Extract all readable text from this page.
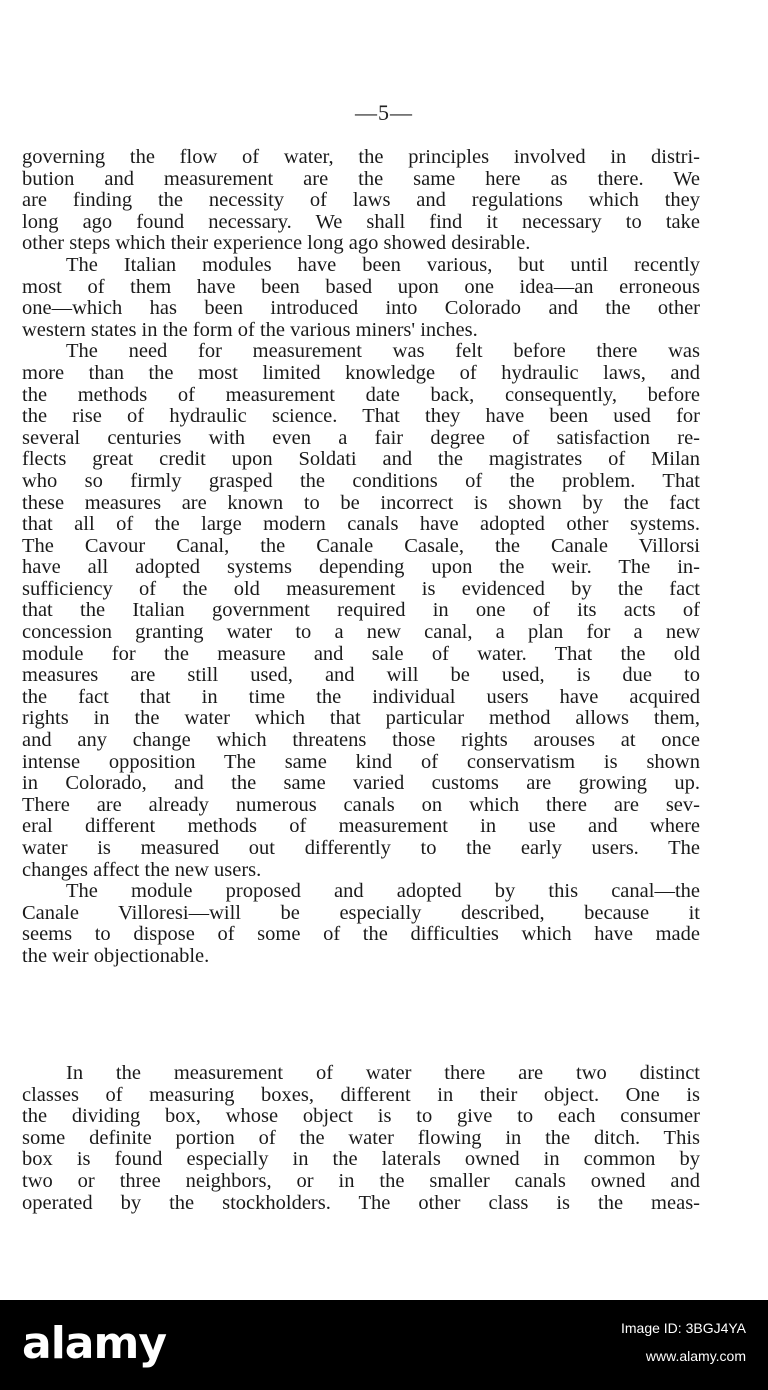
—5—
governing the flow of water, the principles involved in distri-
bution and measurement are the same here as there. We
are finding the necessity of laws and regulations which they
long ago found necessary. We shall find it necessary to take
other steps which their experience long ago showed desirable.
The Italian modules have been various, but until recently
most of them have been based upon one idea—an erroneous
one—which has been introduced into Colorado and the other
western states in the form of the various miners' inches.
The need for measurement was felt before there was
more than the most limited knowledge of hydraulic laws, and
the methods of measurement date back, consequently, before
the rise of hydraulic science. That they have been used for
several centuries with even a fair degree of satisfaction re-
flects great credit upon Soldati and the magistrates of Milan
who so firmly grasped the conditions of the problem. That
these measures are known to be incorrect is shown by the fact
that all of the large modern canals have adopted other systems.
The Cavour Canal, the Canale Casale, the Canale Villorsi
have all adopted systems depending upon the weir. The in-
sufficiency of the old measurement is evidenced by the fact
that the Italian government required in one of its acts of
concession granting water to a new canal, a plan for a new
module for the measure and sale of water. That the old
measures are still used, and will be used, is due to
the fact that in time the individual users have acquired
rights in the water which that particular method allows them,
and any change which threatens those rights arouses at once
intense opposition The same kind of conservatism is shown
in Colorado, and the same varied customs are growing up.
There are already numerous canals on which there are sev-
eral different methods of measurement in use and where
water is measured out differently to the early users. The
changes affect the new users.
The module proposed and adopted by this canal—the
Canale Villoresi—will be especially described, because it
seems to dispose of some of the difficulties which have made
the weir objectionable.
In the measurement of water there are two distinct
classes of measuring boxes, different in their object. One is
the dividing box, whose object is to give to each consumer
some definite portion of the water flowing in the ditch. This
box is found especially in the laterals owned in common by
two or three neighbors, or in the smaller canals owned and
operated by the stockholders. The other class is the meas-
alamy	Image ID: 3BGJ4YA
www.alamy.com
